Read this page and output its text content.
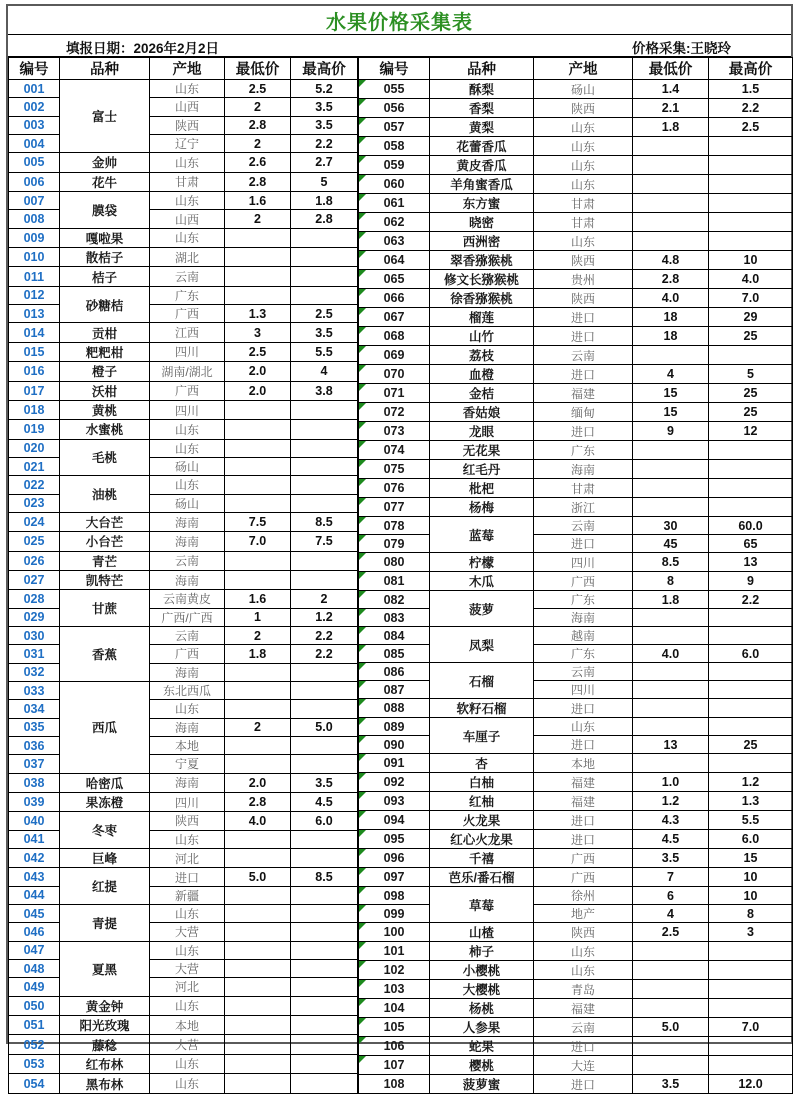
水果价格采集表
填报日期：2026年2月2日	价格采集:王晓玲
编号	品种	产地	最低价	最高价
001	富士	山东	2.5	5.2
002		山西	2	3.5
003		陕西	2.8	3.5
004		辽宁	2	2.2
005	金帅	山东	2.6	2.7
006	花牛	甘肃	2.8	5
007	膜袋	山东	1.6	1.8
008		山西	2	2.8
009	嘎啦果	山东		
010	散桔子	湖北		
011	桔子	云南		
012	砂糖桔	广东		
013		广西	1.3	2.5
014	贡柑	江西	3	3.5
015	粑粑柑	四川	2.5	5.5
016	橙子	湖南/湖北	2.0	4
017	沃柑	广西	2.0	3.8
018	黄桃	四川		
019	水蜜桃	山东		
020	毛桃	山东		
021		砀山		
022	油桃	山东		
023		砀山		
024	大台芒	海南	7.5	8.5
025	小台芒	海南	7.0	7.5
026	青芒	云南		
027	凯特芒	海南		
028	甘蔗	云南黄皮	1.6	2
029		广西/广西	1	1.2
030	香蕉	云南	2	2.2
031		广西	1.8	2.2
032		海南		
033	西瓜	东北西瓜		
034		山东		
035		海南	2	5.0
036		本地		
037		宁夏		
038	哈密瓜	海南	2.0	3.5
039	果冻橙	四川	2.8	4.5
040	冬枣	陕西	4.0	6.0
041		山东		
042	巨峰	河北		
043	红提	进口	5.0	8.5
044		新疆		
045	青提	山东		
046		大营		
047	夏黑	山东		
048		大营		
049		河北		
050	黄金钟	山东		
051	阳光玫瑰	本地		
052	藤稔	大营		
053	红布林	山东		
054	黑布林	山东		
编号	品种	产地	最低价	最高价
055	酥梨	砀山	1.4	1.5
056	香梨	陕西	2.1	2.2
057	黄梨	山东	1.8	2.5
058	花蕾香瓜	山东		
059	黄皮香瓜	山东		
060	羊角蜜香瓜	山东		
061	东方蜜	甘肃		
062	晓密	甘肃		
063	西洲密	山东		
064	翠香猕猴桃	陕西	4.8	10
065	修文长猕猴桃	贵州	2.8	4.0
066	徐香猕猴桃	陕西	4.0	7.0
067	榴莲	进口	18	29
068	山竹	进口	18	25
069	荔枝	云南		
070	血橙	进口	4	5
071	金桔	福建	15	25
072	香姑娘	缅甸	15	25
073	龙眼	进口	9	12
074	无花果	广东		
075	红毛丹	海南		
076	枇杷	甘肃		
077	杨梅	浙江		
078	蓝莓	云南	30	60.0
079		进口	45	65
080	柠檬	四川	8.5	13
081	木瓜	广西	8	9
082	菠萝	广东	1.8	2.2
083		海南		
084	凤梨	越南		
085		广东	4.0	6.0
086	石榴	云南		
087		四川		
088	软籽石榴	进口		
089	车厘子	山东		
090		进口	13	25
091	杏	本地		
092	白柚	福建	1.0	1.2
093	红柚	福建	1.2	1.3
094	火龙果	进口	4.3	5.5
095	红心火龙果	进口	4.5	6.0
096	千禧	广西	3.5	15
097	芭乐/番石榴	广西	7	10
098	草莓	徐州	6	10
099		地产	4	8
100	山楂	陕西	2.5	3
101	柿子	山东		
102	小樱桃	山东		
103	大樱桃	青岛		
104	杨桃	福建		
105	人参果	云南	5.0	7.0
106	蛇果	进口		
107	樱桃	大连		
108	菠萝蜜	进口	3.5	12.0
